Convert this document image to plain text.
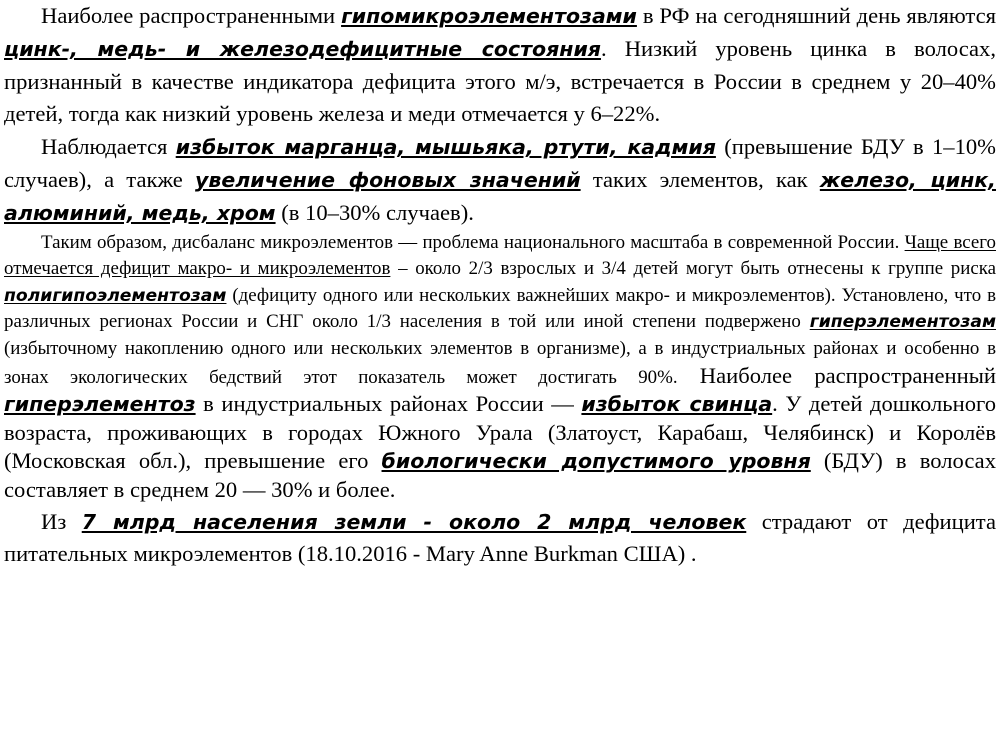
Наиболее распространенными гипомикроэлементозами в РФ на сегодняшний день являются цинк-, медь- и железодефицитные состояния. Низкий уровень цинка в волосах, признанный в качестве индикатора дефицита этого м/э, встречается в России в среднем у 20–40% детей, тогда как низкий уровень железа и меди отмечается у 6–22%.

Наблюдается избыток марганца, мышьяка, ртути, кадмия (превышение БДУ в 1–10% случаев), а также увеличение фоновых значений таких элементов, как железо, цинк, алюминий, медь, хром (в 10–30% случаев).

Таким образом, дисбаланс микроэлементов — проблема национального масштаба в современной России. Чаще всего отмечается дефицит макро- и микроэлементов – около 2/3 взрослых и 3/4 детей могут быть отнесены к группе риска полигипоэлементозам (дефициту одного или нескольких важнейших макро- и микроэлементов). Установлено, что в различных регионах России и СНГ около 1/3 населения в той или иной степени подвержено гиперэлементозам (избыточному накоплению одного или нескольких элементов в организме), а в индустриальных районах и особенно в зонах экологических бедствий этот показатель может достигать 90%. Наиболее распространенный гиперэлементоз в индустриальных районах России — избыток свинца. У детей дошкольного возраста, проживающих в городах Южного Урала (Златоуст, Карабаш, Челябинск) и Королёв (Московская обл.), превышение его биологически допустимого уровня (БДУ) в волосах составляет в среднем 20 — 30% и более.

Из 7 млрд населения земли - около 2 млрд человек страдают от дефицита питательных микроэлементов (18.10.2016 - Mary Anne Burkman США) .
